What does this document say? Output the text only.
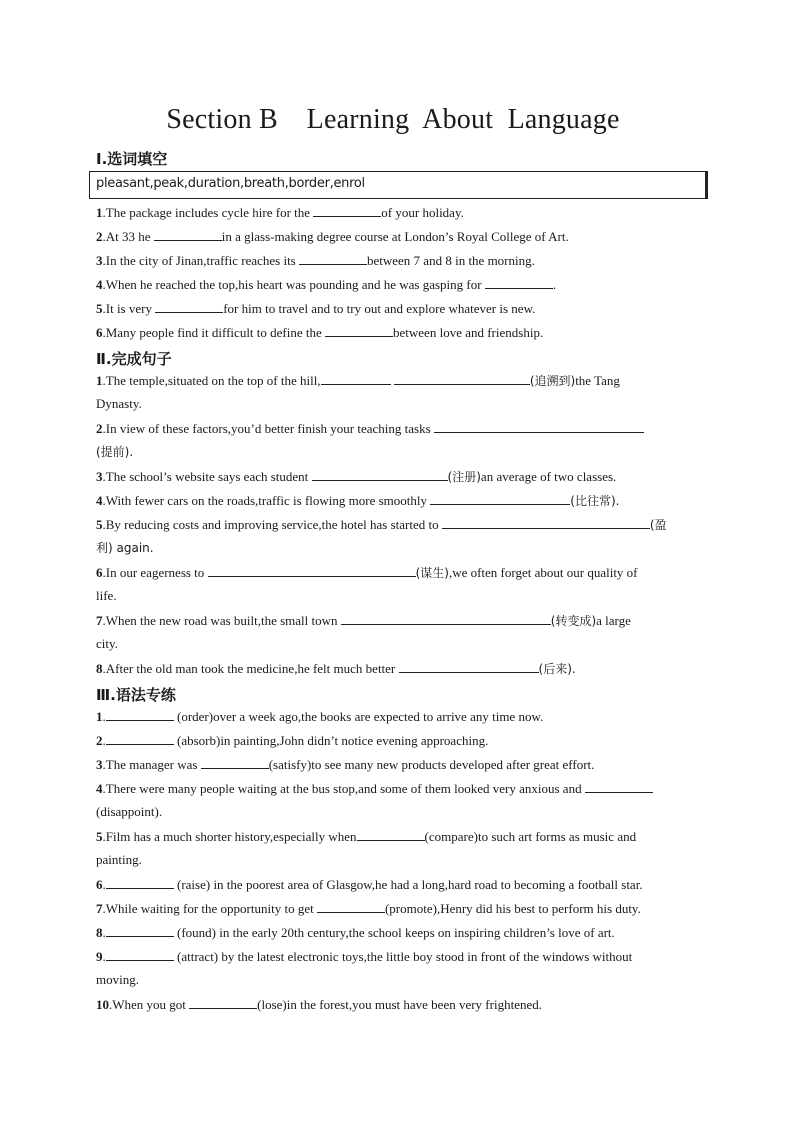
Section B    Learning  About  Language
Ⅰ.选词填空
pleasant,peak,duration,breath,border,enrol
1.The package includes cycle hire for the	of your holiday.
2.At 33 he	in a glass-making degree course at London’s Royal College of Art.
3.In the city of Jinan,traffic reaches its	between 7 and 8 in the morning.
4.When he reached the top,his heart was pounding and he was gasping for	.
5.It is very	for him to travel and to try out and explore whatever is new.
6.Many people find it difficult to define the	between love and friendship.
Ⅱ.完成句子
1.The temple,situated on the top of the hill,	(追溯到)the Tang
Dynasty.
2.In view of these factors,you’d better finish your teaching tasks
(提前).
3.The school’s website says each student	(注册)an average of two classes.
4.With fewer cars on the roads,traffic is flowing more smoothly	(比往常).
5.By reducing costs and improving service,the hotel has started to	(盈
利) again.
6.In our eagerness to	(谋生),we often forget about our quality of
life.
7.When the new road was built,the small town	(转变成)a large
city.
8.After the old man took the medicine,he felt much better	(后来).
Ⅲ.语法专练
1.	(order)over a week ago,the books are expected to arrive any time now.
2.	(absorb)in painting,John didn’t notice evening approaching.
3.The manager was	(satisfy)to see many new products developed after great effort.
4.There were many people waiting at the bus stop,and some of them looked very anxious and
(disappoint).
5.Film has a much shorter history,especially when	(compare)to such art forms as music and
painting.
6.	(raise) in the poorest area of Glasgow,he had a long,hard road to becoming a football star.
7.While waiting for the opportunity to get	(promote),Henry did his best to perform his duty.
8.	(found) in the early 20th century,the school keeps on inspiring children’s love of art.
9.	(attract) by the latest electronic toys,the little boy stood in front of the windows without
moving.
10.When you got	(lose)in the forest,you must have been very frightened.
